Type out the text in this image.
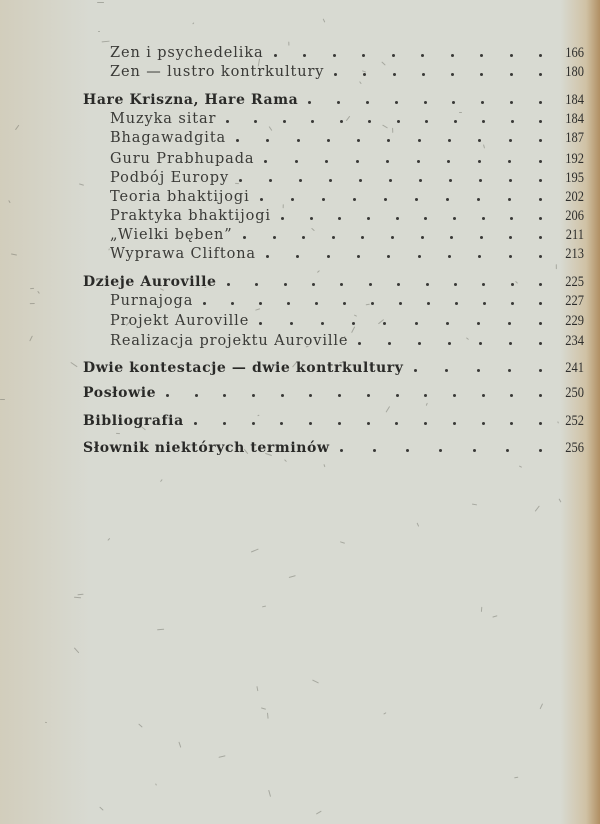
Zen i psychedelika	166
Zen — lustro kontrkultury	180
Hare Kriszna, Hare Rama	184
Muzyka sitar	184
Bhagawadgita	187
Guru Prabhupada	192
Podbój Europy	195
Teoria bhaktijogi	202
Praktyka bhaktijogi	206
„Wielki bęben”	211
Wyprawa Cliftona	213
Dzieje Auroville	225
Purnajoga	227
Projekt Auroville	229
Realizacja projektu Auroville	234
Dwie kontestacje — dwie kontrkultury	241
Posłowie	250
Bibliografia	252
Słownik niektórych terminów	256
